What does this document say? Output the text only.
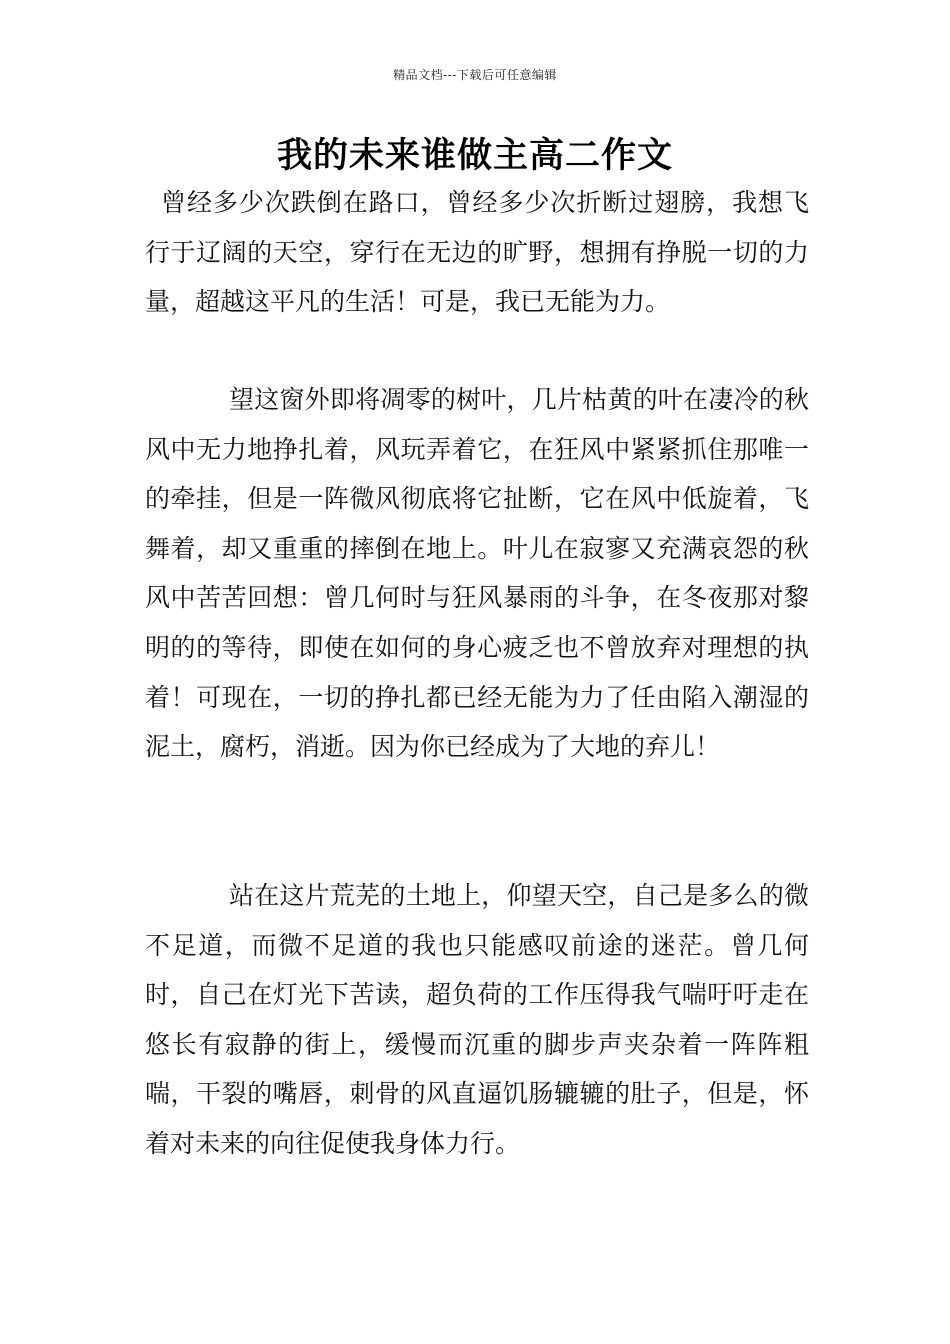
精品文档---下载后可任意编辑
我的未来谁做主高二作文

曾经多少次跌倒在路口，曾经多少次折断过翅膀，我想飞行于辽阔的天空，穿行在无边的旷野，想拥有挣脱一切的力量，超越这平凡的生活！可是，我已无能为力。

望这窗外即将凋零的树叶，几片枯黄的叶在凄冷的秋风中无力地挣扎着，风玩弄着它，在狂风中紧紧抓住那唯一的牵挂，但是一阵微风彻底将它扯断，它在风中低旋着，飞舞着，却又重重的摔倒在地上。叶儿在寂寥又充满哀怨的秋风中苦苦回想：曾几何时与狂风暴雨的斗争，在冬夜那对黎明的的等待，即使在如何的身心疲乏也不曾放弃对理想的执着！可现在，一切的挣扎都已经无能为力了任由陷入潮湿的泥土，腐朽，消逝。因为你已经成为了大地的弃儿！

站在这片荒芜的土地上，仰望天空，自己是多么的微不足道，而微不足道的我也只能感叹前途的迷茫。曾几何时，自己在灯光下苦读，超负荷的工作压得我气喘吁吁走在悠长有寂静的街上，缓慢而沉重的脚步声夹杂着一阵阵粗喘，干裂的嘴唇，刺骨的风直逼饥肠辘辘的肚子，但是，怀着对未来的向往促使我身体力行。
